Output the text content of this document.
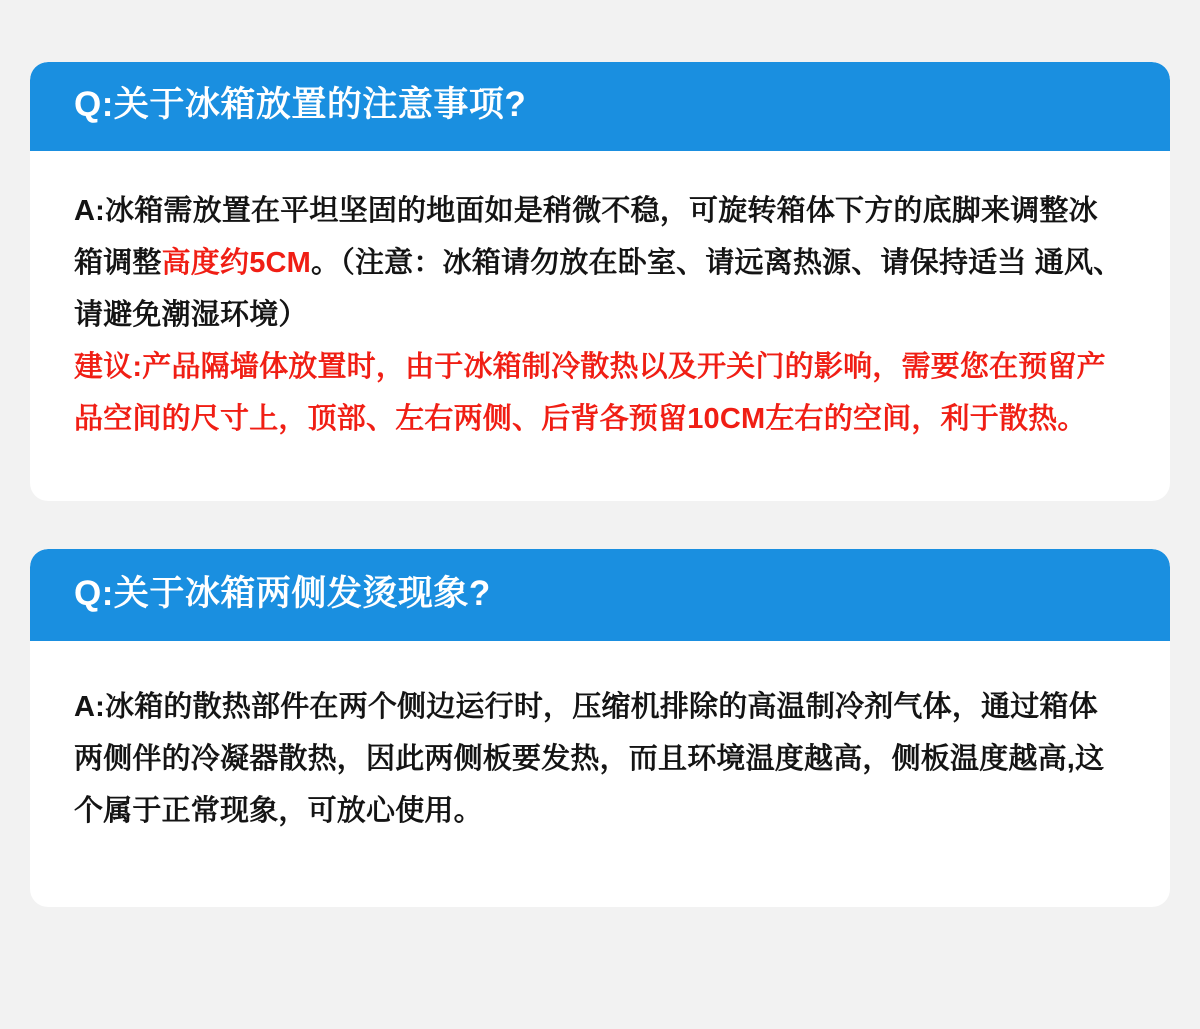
Q:关于冰箱放置的注意事项?

A:冰箱需放置在平坦坚固的地面如是稍微不稳，可旋转箱体下方的底脚来调整冰箱调整高度约5CM。（注意：冰箱请勿放在卧室、请远离热源、请保持适当 通风、请避免潮湿环境）

建议:产品隔墙体放置时，由于冰箱制冷散热以及开关门的影响，需要您在预留产品空间的尺寸上，顶部、左右两侧、后背各预留10CM左右的空间，利于散热。

Q:关于冰箱两侧发烫现象?

A:冰箱的散热部件在两个侧边运行时，压缩机排除的高温制冷剂气体，通过箱体两侧伴的冷凝器散热，因此两侧板要发热，而且环境温度越高，侧板温度越高,这个属于正常现象，可放心使用。
